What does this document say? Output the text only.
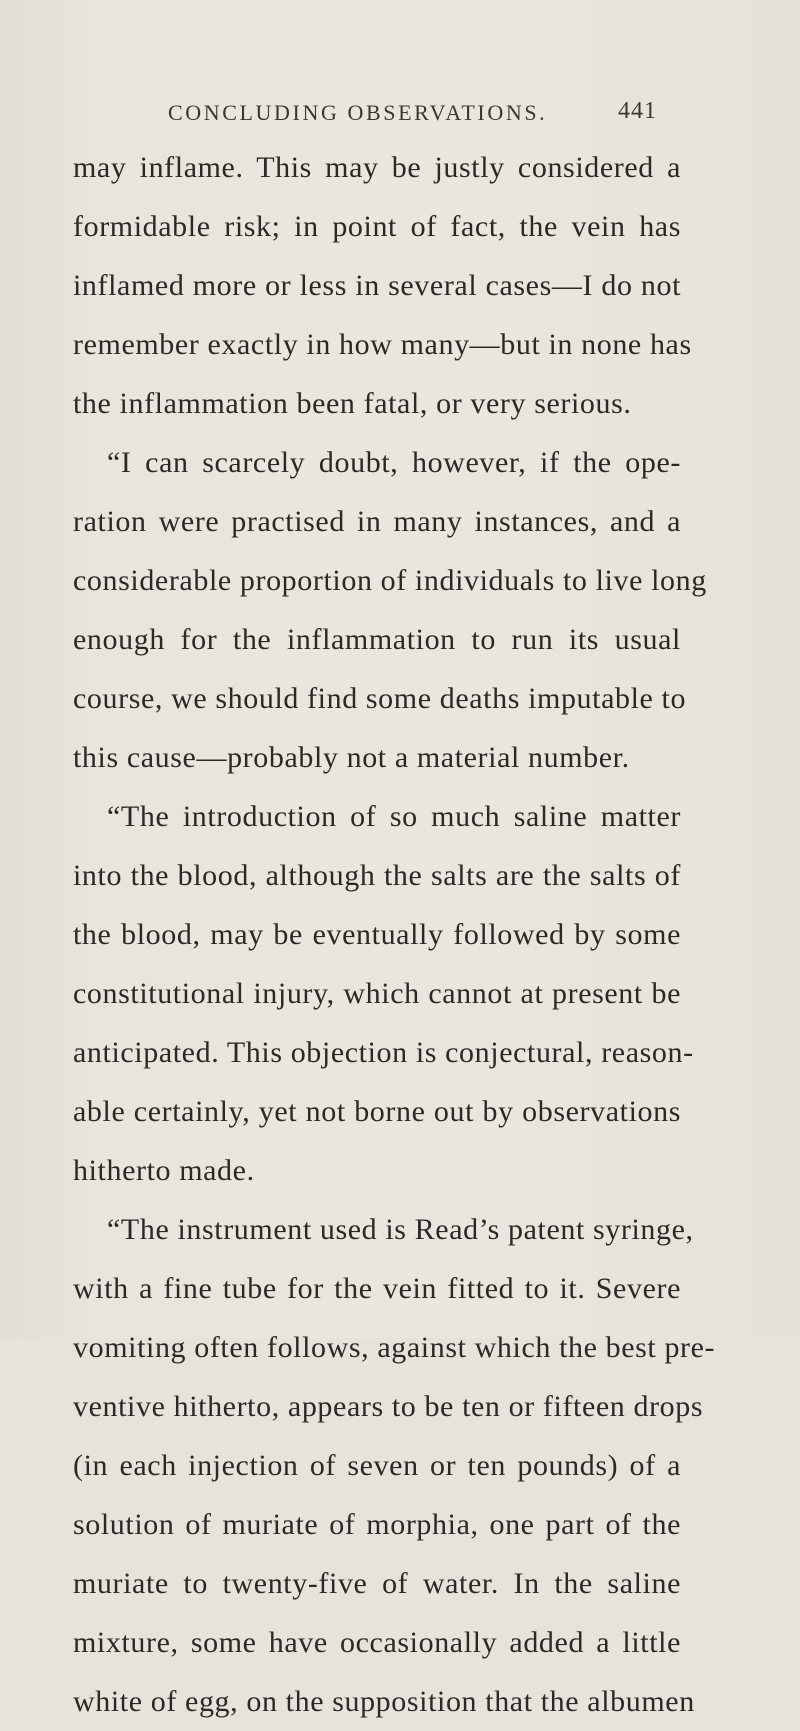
CONCLUDING OBSERVATIONS.	441
may inflame. This may be justly considered a
formidable risk; in point of fact, the vein has
inflamed more or less in several cases—I do not
remember exactly in how many—but in none has
the inflammation been fatal, or very serious.
“I can scarcely doubt, however, if the ope-
ration were practised in many instances, and a
considerable proportion of individuals to live long
enough for the inflammation to run its usual
course, we should find some deaths imputable to
this cause—probably not a material number.
“The introduction of so much saline matter
into the blood, although the salts are the salts of
the blood, may be eventually followed by some
constitutional injury, which cannot at present be
anticipated. This objection is conjectural, reason-
able certainly, yet not borne out by observations
hitherto made.
“The instrument used is Read’s patent syringe,
with a fine tube for the vein fitted to it. Severe
vomiting often follows, against which the best pre-
ventive hitherto, appears to be ten or fifteen drops
(in each injection of seven or ten pounds) of a
solution of muriate of morphia, one part of the
muriate to twenty-five of water. In the saline
mixture, some have occasionally added a little
white of egg, on the supposition that the albumen
